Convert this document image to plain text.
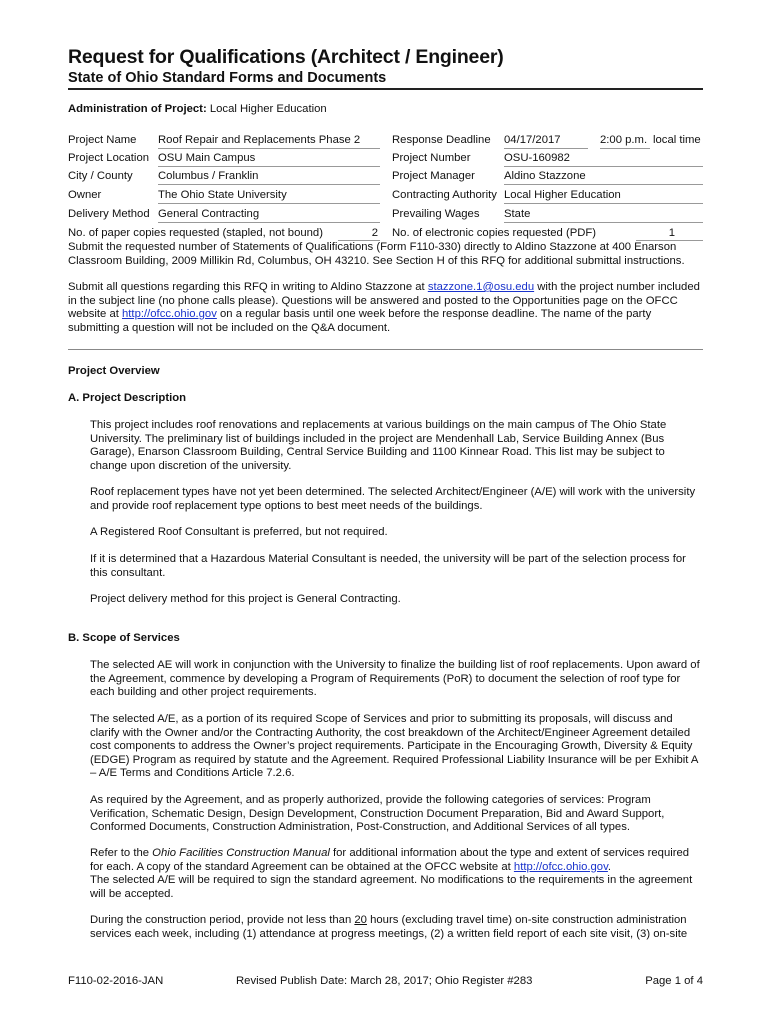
Request for Qualifications (Architect / Engineer)
State of Ohio Standard Forms and Documents
Administration of Project: Local Higher Education
Project Name Roof Repair and Replacements Phase 2	Response Deadline 04/17/2017	2:00 p.m. local time
Project Location OSU Main Campus	Project Number	OSU-160982
City / County Columbus / Franklin	Project Manager	Aldino Stazzone
Owner	The Ohio State University	Contracting Authority Local Higher Education
Delivery Method General Contracting	Prevailing Wages State
No. of paper copies requested (stapled, not bound)	2 No. of electronic copies requested (PDF)	1
Submit the requested number of Statements of Qualifications (Form F110-330) directly to Aldino Stazzone at 400 Enarson Classroom Building, 2009 Millikin Rd, Columbus, OH 43210. See Section H of this RFQ for additional submittal instructions.
Submit all questions regarding this RFQ in writing to Aldino Stazzone at stazzone.1@osu.edu with the project number included in the subject line (no phone calls please). Questions will be answered and posted to the Opportunities page on the OFCC website at http://ofcc.ohio.gov on a regular basis until one week before the response deadline. The name of the party submitting a question will not be included on the Q&A document.
Project Overview
A. Project Description
This project includes roof renovations and replacements at various buildings on the main campus of The Ohio State University. The preliminary list of buildings included in the project are Mendenhall Lab, Service Building Annex (Bus Garage), Enarson Classroom Building, Central Service Building and 1100 Kinnear Road. This list may be subject to change upon discretion of the university.
Roof replacement types have not yet been determined. The selected Architect/Engineer (A/E) will work with the university and provide roof replacement type options to best meet needs of the buildings.
A Registered Roof Consultant is preferred, but not required.
If it is determined that a Hazardous Material Consultant is needed, the university will be part of the selection process for this consultant.
Project delivery method for this project is General Contracting.
B. Scope of Services
The selected AE will work in conjunction with the University to finalize the building list of roof replacements. Upon award of the Agreement, commence by developing a Program of Requirements (PoR) to document the selection of roof type for each building and other project requirements.
The selected A/E, as a portion of its required Scope of Services and prior to submitting its proposals, will discuss and clarify with the Owner and/or the Contracting Authority, the cost breakdown of the Architect/Engineer Agreement detailed cost components to address the Owner’s project requirements. Participate in the Encouraging Growth, Diversity & Equity (EDGE) Program as required by statute and the Agreement. Required Professional Liability Insurance will be per Exhibit A – A/E Terms and Conditions Article 7.2.6.
As required by the Agreement, and as properly authorized, provide the following categories of services: Program Verification, Schematic Design, Design Development, Construction Document Preparation, Bid and Award Support, Conformed Documents, Construction Administration, Post-Construction, and Additional Services of all types.
Refer to the Ohio Facilities Construction Manual for additional information about the type and extent of services required for each. A copy of the standard Agreement can be obtained at the OFCC website at http://ofcc.ohio.gov.
The selected A/E will be required to sign the standard agreement. No modifications to the requirements in the agreement will be accepted.
During the construction period, provide not less than 20 hours (excluding travel time) on-site construction administration services each week, including (1) attendance at progress meetings, (2) a written field report of each site visit, (3) on-site
F110-02-2016-JAN	Revised Publish Date: March 28, 2017; Ohio Register #283	Page 1 of 4
